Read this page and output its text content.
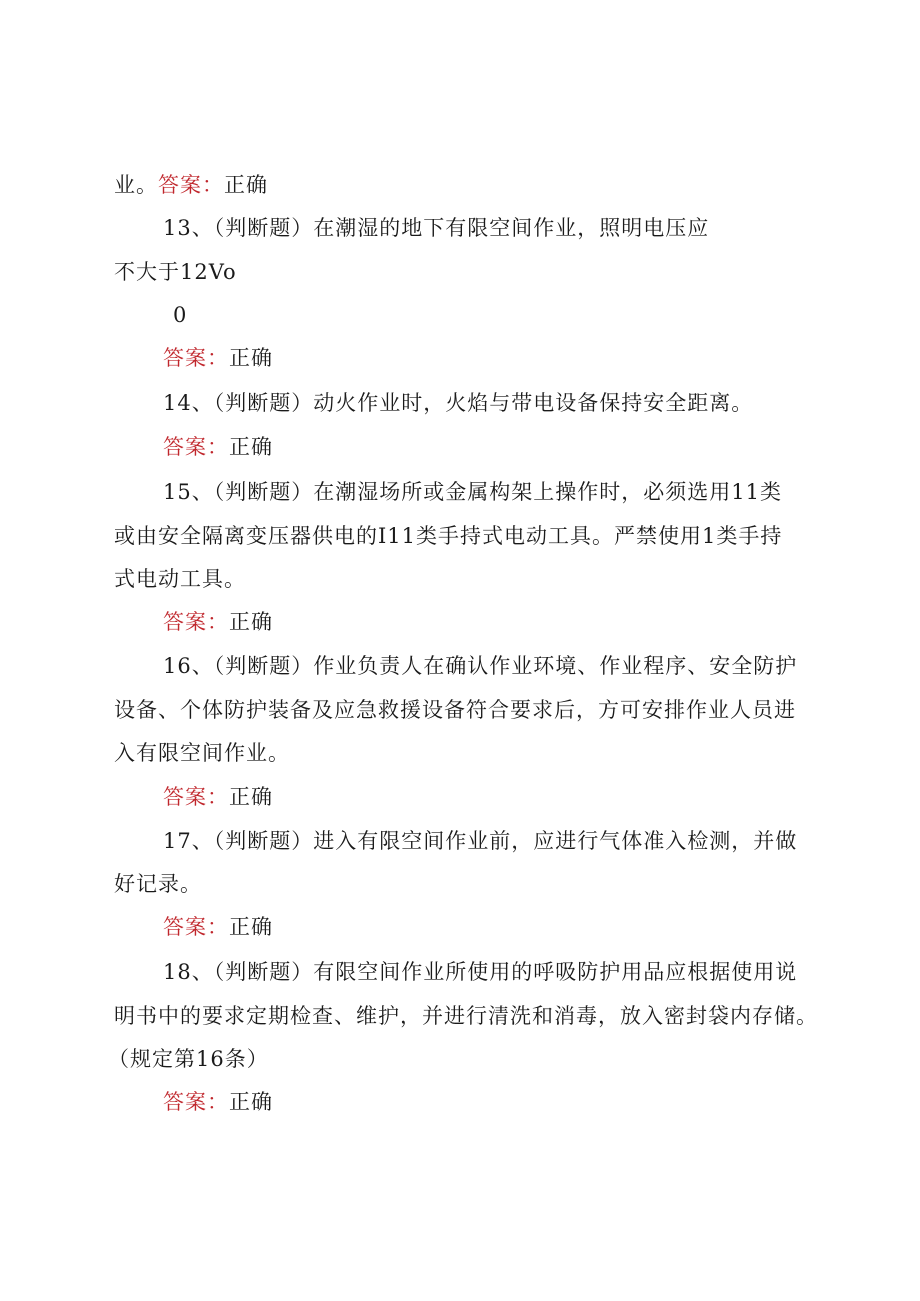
业。答案：正确
13、（判断题）在潮湿的地下有限空间作业，照明电压应
不大于12Vo
0
答案：正确
14、（判断题）动火作业时，火焰与带电设备保持安全距离。
答案：正确
15、（判断题）在潮湿场所或金属构架上操作时，必须选用11类
或由安全隔离变压器供电的I11类手持式电动工具。严禁使用1类手持
式电动工具。
答案：正确
16、（判断题）作业负责人在确认作业环境、作业程序、安全防护
设备、个体防护装备及应急救援设备符合要求后，方可安排作业人员进
入有限空间作业。
答案：正确
17、（判断题）进入有限空间作业前，应进行气体准入检测，并做
好记录。
答案：正确
18、（判断题）有限空间作业所使用的呼吸防护用品应根据使用说
明书中的要求定期检查、维护，并进行清洗和消毒，放入密封袋内存储。
（规定第16条）
答案：正确
